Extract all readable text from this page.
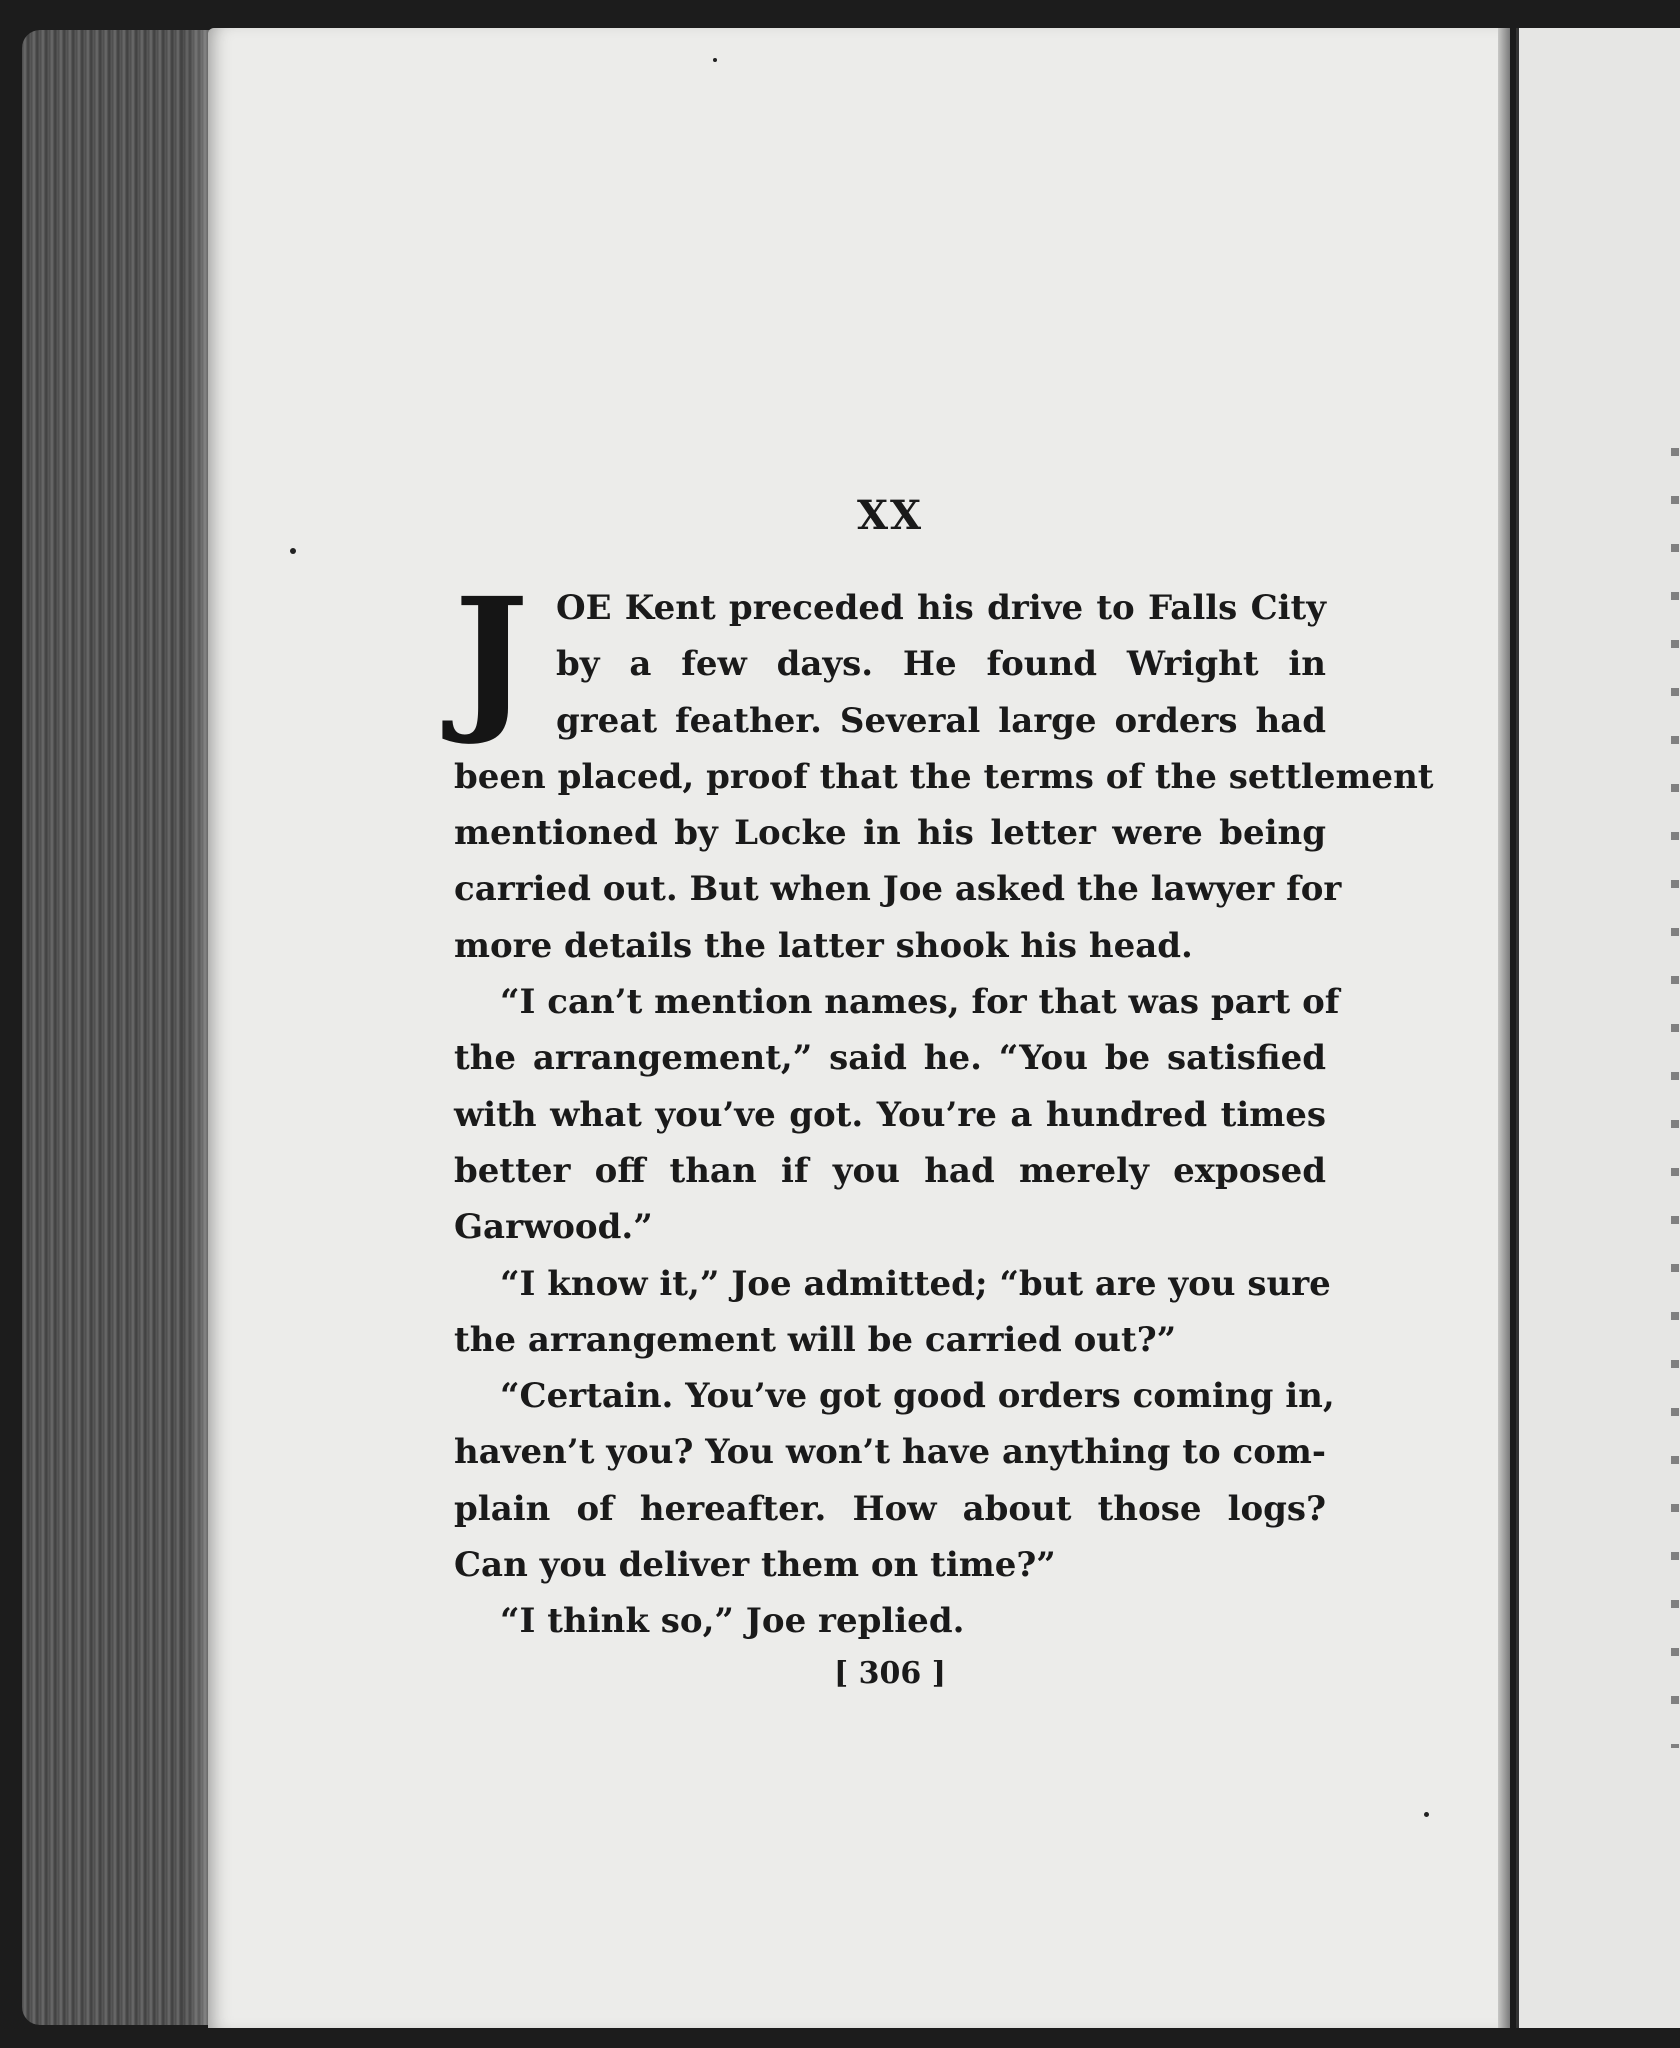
XX
J OE Kent preceded his drive to Falls City
by a few days. He found Wright in
great feather. Several large orders had
been placed, proof that the terms of the settlement
mentioned by Locke in his letter were being
carried out. But when Joe asked the lawyer for
more details the latter shook his head.
“I can’t mention names, for that was part of
the arrangement,” said he. “You be satisfied
with what you’ve got. You’re a hundred times
better off than if you had merely exposed
Garwood.”
“I know it,” Joe admitted; “but are you sure
the arrangement will be carried out?”
“Certain. You’ve got good orders coming in,
haven’t you? You won’t have anything to com-
plain of hereafter. How about those logs?
Can you deliver them on time?”
“I think so,” Joe replied.
[ 306 ]
